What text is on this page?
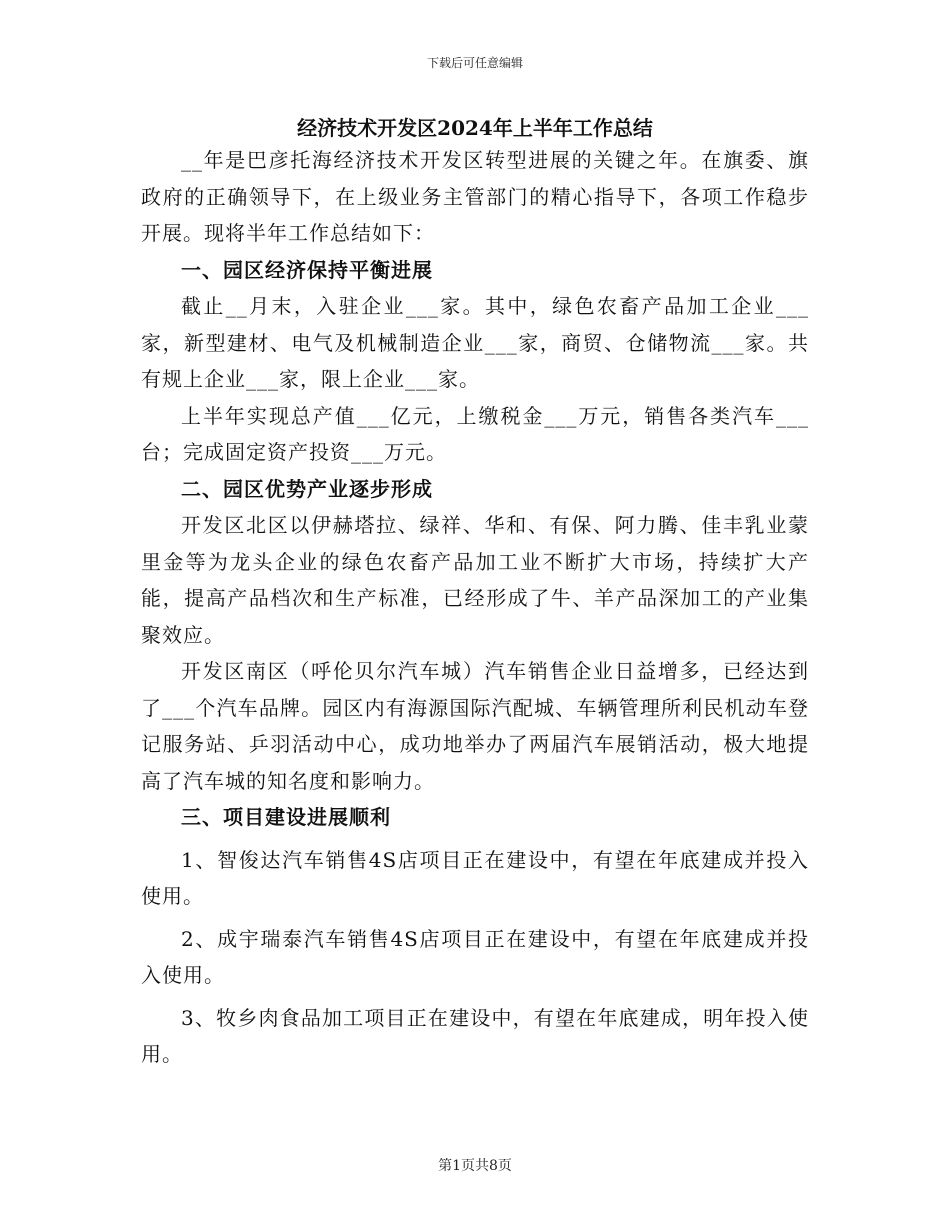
下载后可任意编辑
经济技术开发区2024年上半年工作总结

__年是巴彦托海经济技术开发区转型进展的关键之年。在旗委、旗政府的正确领导下，在上级业务主管部门的精心指导下，各项工作稳步开展。现将半年工作总结如下：

一、园区经济保持平衡进展

截止__月末，入驻企业___家。其中，绿色农畜产品加工企业___家，新型建材、电气及机械制造企业___家，商贸、仓储物流___家。共有规上企业___家，限上企业___家。

上半年实现总产值___亿元，上缴税金___万元，销售各类汽车___台；完成固定资产投资___万元。

二、园区优势产业逐步形成

开发区北区以伊赫塔拉、绿祥、华和、有保、阿力腾、佳丰乳业蒙里金等为龙头企业的绿色农畜产品加工业不断扩大市场，持续扩大产能，提高产品档次和生产标准，已经形成了牛、羊产品深加工的产业集聚效应。

开发区南区（呼伦贝尔汽车城）汽车销售企业日益增多，已经达到了___个汽车品牌。园区内有海源国际汽配城、车辆管理所利民机动车登记服务站、乒羽活动中心，成功地举办了两届汽车展销活动，极大地提高了汽车城的知名度和影响力。

三、项目建设进展顺利

1、智俊达汽车销售4S店项目正在建设中，有望在年底建成并投入使用。

2、成宇瑞泰汽车销售4S店项目正在建设中，有望在年底建成并投入使用。

3、牧乡肉食品加工项目正在建设中，有望在年底建成，明年投入使用。

第1页共8页
